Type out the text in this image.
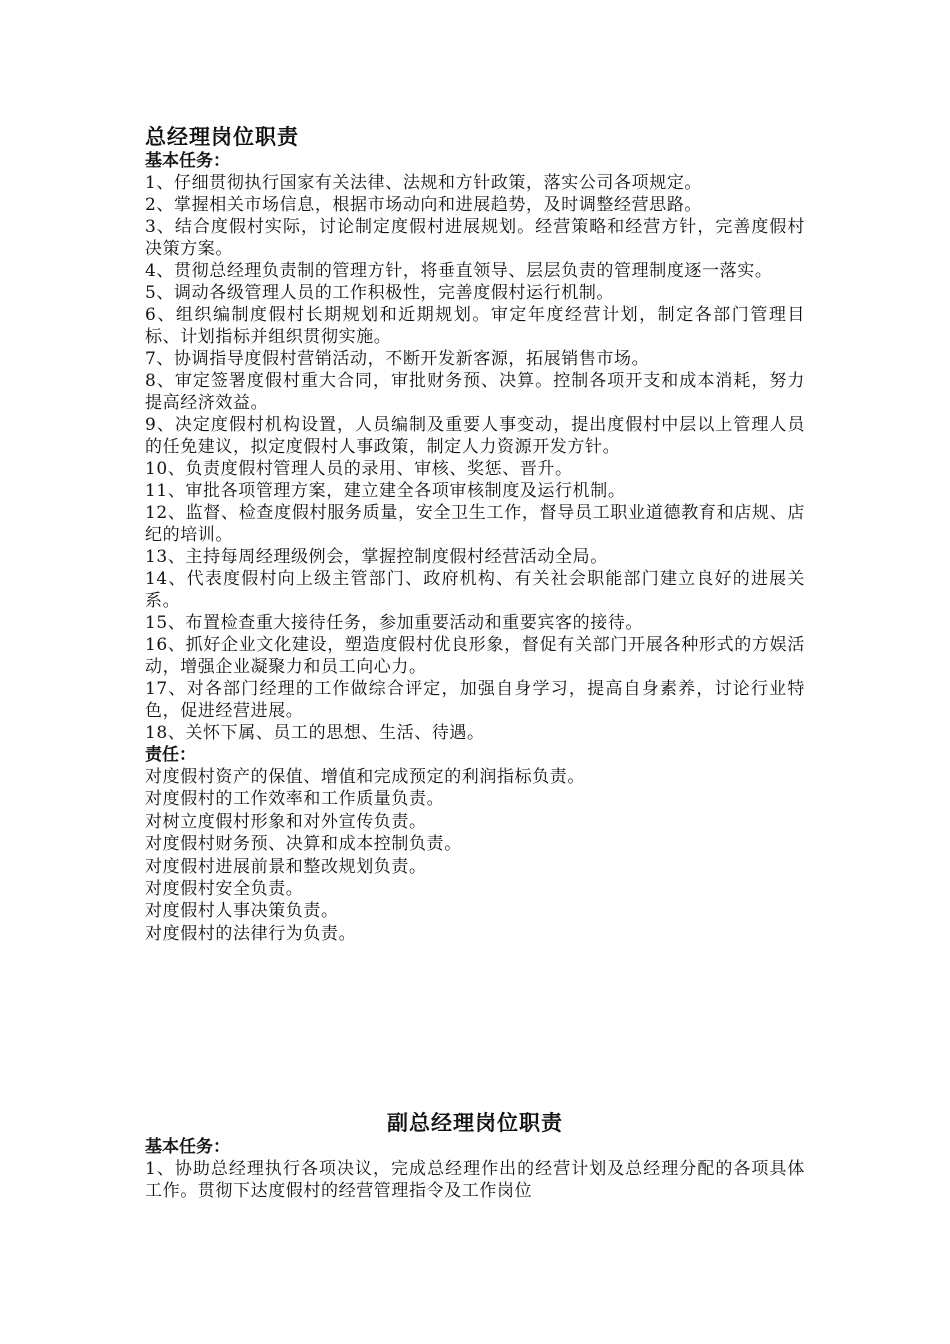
总经理岗位职责
基本任务：

1、仔细贯彻执行国家有关法律、法规和方针政策，落实公司各项规定。

2、掌握相关市场信息，根据市场动向和进展趋势，及时调整经营思路。

3、结合度假村实际，讨论制定度假村进展规划。经营策略和经营方针，完善度假村决策方案。

4、贯彻总经理负责制的管理方针，将垂直领导、层层负责的管理制度逐一落实。

5、调动各级管理人员的工作积极性，完善度假村运行机制。

6、组织编制度假村长期规划和近期规划。审定年度经营计划，制定各部门管理目标、计划指标并组织贯彻实施。

7、协调指导度假村营销活动，不断开发新客源，拓展销售市场。

8、审定签署度假村重大合同，审批财务预、决算。控制各项开支和成本消耗，努力提高经济效益。

9、决定度假村机构设置，人员编制及重要人事变动，提出度假村中层以上管理人员的任免建议，拟定度假村人事政策，制定人力资源开发方针。

10、负责度假村管理人员的录用、审核、奖惩、晋升。

11、审批各项管理方案，建立建全各项审核制度及运行机制。

12、监督、检查度假村服务质量，安全卫生工作，督导员工职业道德教育和店规、店纪的培训。

13、主持每周经理级例会，掌握控制度假村经营活动全局。

14、代表度假村向上级主管部门、政府机构、有关社会职能部门建立良好的进展关系。

15、布置检查重大接待任务，参加重要活动和重要宾客的接待。

16、抓好企业文化建设，塑造度假村优良形象，督促有关部门开展各种形式的方娱活动，增强企业凝聚力和员工向心力。

17、对各部门经理的工作做综合评定，加强自身学习，提高自身素养，讨论行业特色，促进经营进展。

18、关怀下属、员工的思想、生活、待遇。

责任：

对度假村资产的保值、增值和完成预定的利润指标负责。

对度假村的工作效率和工作质量负责。

对树立度假村形象和对外宣传负责。

对度假村财务预、决算和成本控制负责。

对度假村进展前景和整改规划负责。

对度假村安全负责。

对度假村人事决策负责。

对度假村的法律行为负责。

副总经理岗位职责
基本任务：

1、协助总经理执行各项决议，完成总经理作出的经营计划及总经理分配的各项具体工作。贯彻下达度假村的经营管理指令及工作岗位
